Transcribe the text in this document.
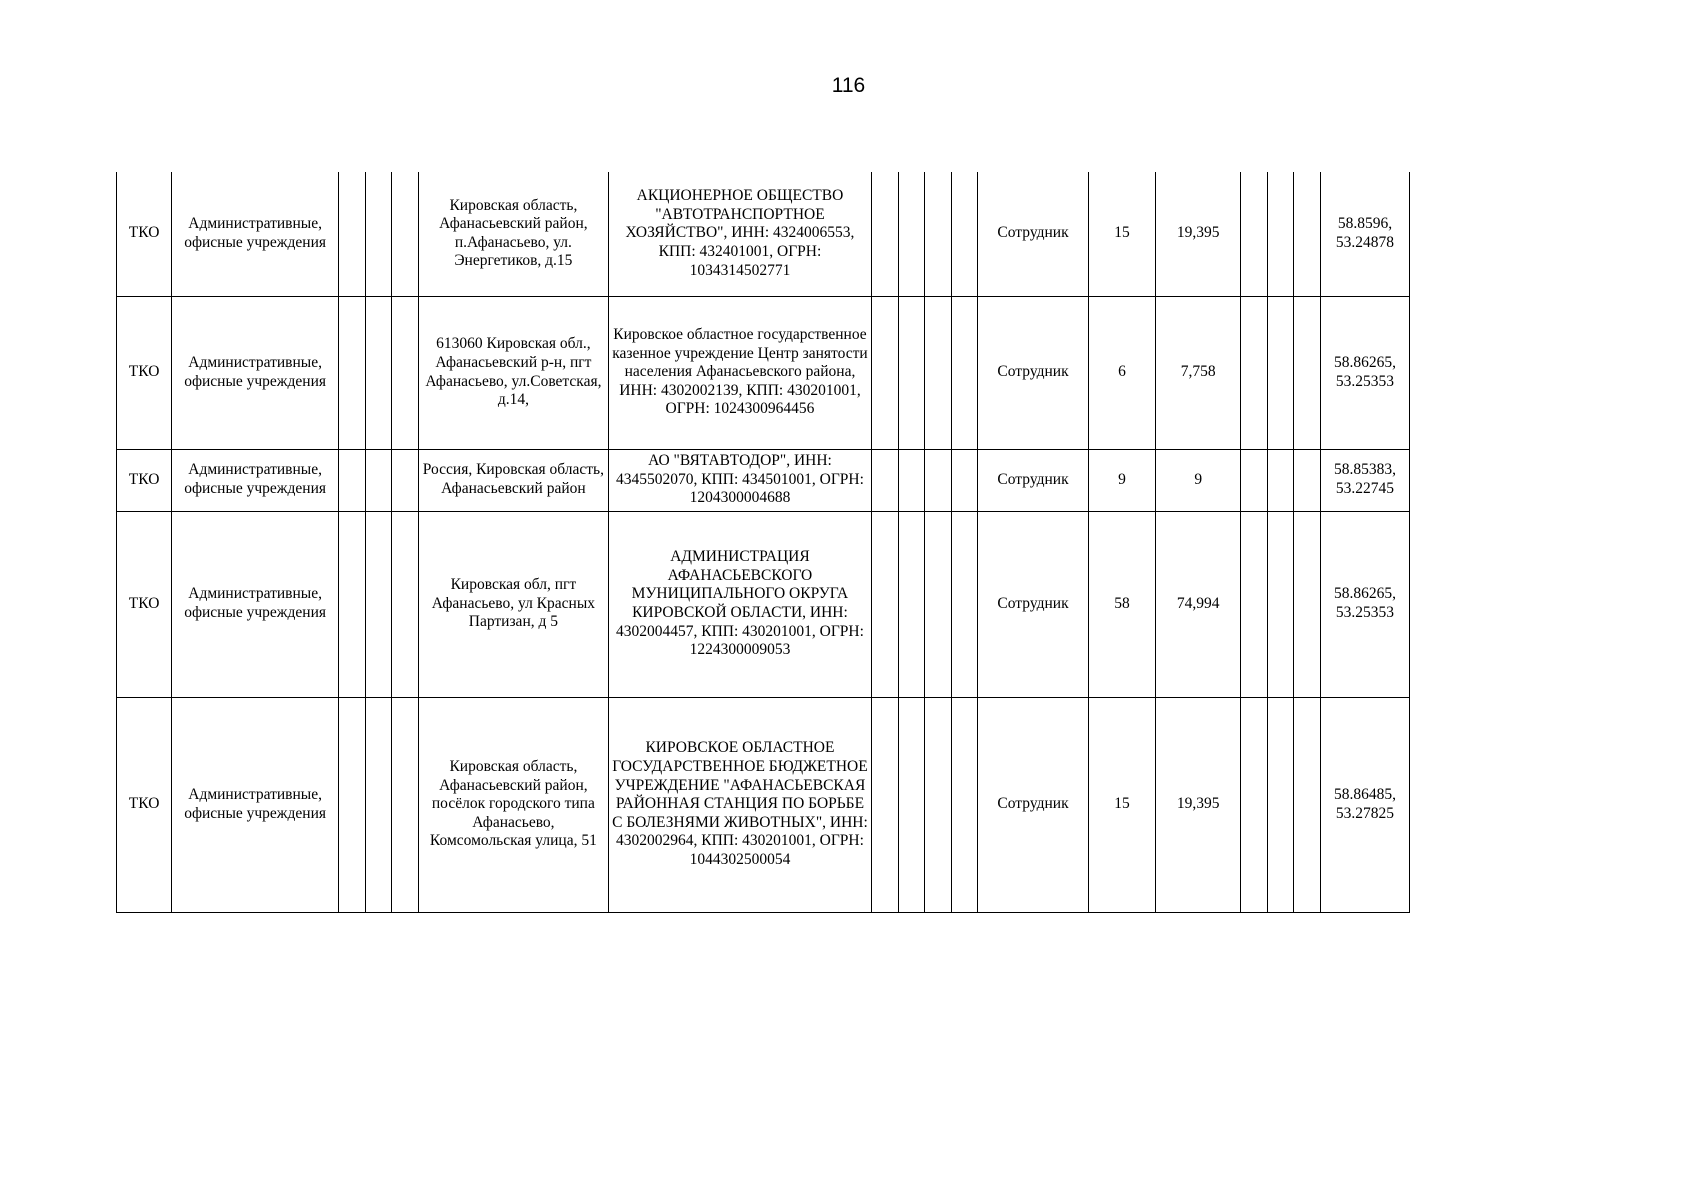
116
ТКО	Административные, офисные учреждения				Кировская область, Афанасьевский район, п.Афанасьево, ул. Энергетиков, д.15	АКЦИОНЕРНОЕ ОБЩЕСТВО "АВТОТРАНСПОРТНОЕ ХОЗЯЙСТВО", ИНН: 4324006553, КПП: 432401001, ОГРН: 1034314502771					Сотрудник	15	19,395				58.8596, 53.24878
ТКО	Административные, офисные учреждения				613060 Кировская обл., Афанасьевский р-н, пгт Афанасьево, ул.Советская, д.14,	Кировское областное государственное казенное учреждение Центр занятости населения Афанасьевского района, ИНН: 4302002139, КПП: 430201001, ОГРН: 1024300964456					Сотрудник	6	7,758				58.86265, 53.25353
ТКО	Административные, офисные учреждения				Россия, Кировская область, Афанасьевский район	АО "ВЯТАВТОДОР", ИНН: 4345502070, КПП: 434501001, ОГРН: 1204300004688					Сотрудник	9	9				58.85383, 53.22745
ТКО	Административные, офисные учреждения				Кировская обл, пгт Афанасьево, ул Красных Партизан, д 5	АДМИНИСТРАЦИЯ АФАНАСЬЕВСКОГО МУНИЦИПАЛЬНОГО ОКРУГА КИРОВСКОЙ ОБЛАСТИ, ИНН: 4302004457, КПП: 430201001, ОГРН: 1224300009053					Сотрудник	58	74,994				58.86265, 53.25353
ТКО	Административные, офисные учреждения				Кировская область, Афанасьевский район, посёлок городского типа Афанасьево, Комсомольская улица, 51	КИРОВСКОЕ ОБЛАСТНОЕ ГОСУДАРСТВЕННОЕ БЮДЖЕТНОЕ УЧРЕЖДЕНИЕ "АФАНАСЬЕВСКАЯ РАЙОННАЯ СТАНЦИЯ ПО БОРЬБЕ С БОЛЕЗНЯМИ ЖИВОТНЫХ", ИНН: 4302002964, КПП: 430201001, ОГРН: 1044302500054					Сотрудник	15	19,395				58.86485, 53.27825
